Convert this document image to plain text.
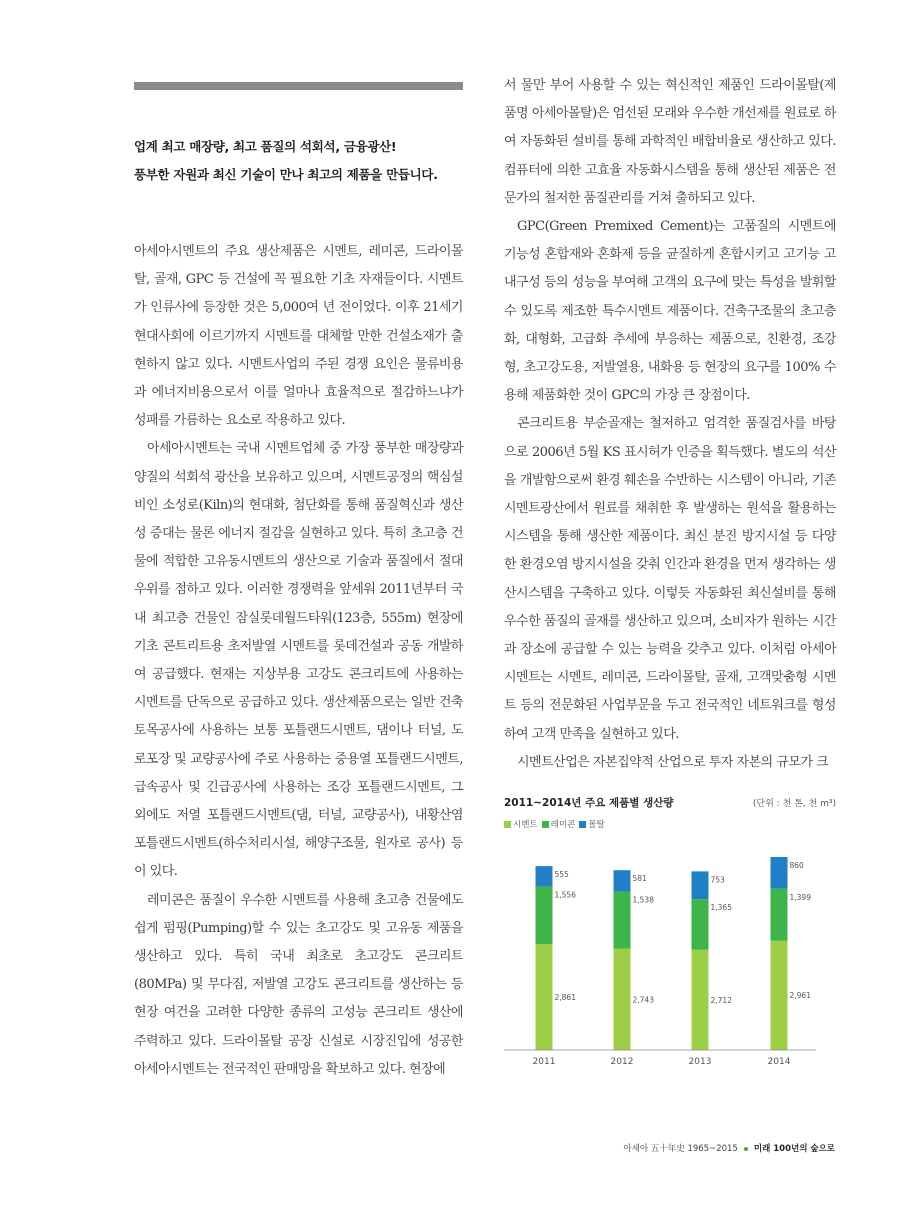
업계 최고 매장량, 최고 품질의 석회석, 금융광산!
풍부한 자원과 최신 기술이 만나 최고의 제품을 만듭니다.

아세아시멘트의 주요 생산제품은 시멘트, 레미콘, 드라이몰탈, 골재, GPC 등 건설에 꼭 필요한 기초 자재들이다. 시멘트가 인류사에 등장한 것은 5,000여 년 전이었다. 이후 21세기 현대사회에 이르기까지 시멘트를 대체할 만한 건설소재가 출현하지 않고 있다. 시멘트사업의 주된 경쟁 요인은 물류비용과 에너지비용으로서 이를 얼마나 효율적으로 절감하느냐가 성패를 가름하는 요소로 작용하고 있다.

아세아시멘트는 국내 시멘트업체 중 가장 풍부한 매장량과 양질의 석회석 광산을 보유하고 있으며, 시멘트공정의 핵심설비인 소성로(Kiln)의 현대화, 첨단화를 통해 품질혁신과 생산성 증대는 물론 에너지 절감을 실현하고 있다. 특히 초고층 건물에 적합한 고유동시멘트의 생산으로 기술과 품질에서 절대 우위를 점하고 있다. 이러한 경쟁력을 앞세워 2011년부터 국내 최고층 건물인 잠실롯데월드타워(123층, 555m) 현장에 기초 콘트리트용 초저발열 시멘트를 롯데건설과 공동 개발하여 공급했다. 현재는 지상부용 고강도 콘크리트에 사용하는 시멘트를 단독으로 공급하고 있다. 생산제품으로는 일반 건축토목공사에 사용하는 보통 포틀랜드시멘트, 댐이나 터널, 도로포장 및 교량공사에 주로 사용하는 중용열 포틀랜드시멘트, 급속공사 및 긴급공사에 사용하는 조강 포틀랜드시멘트, 그 외에도 저열 포틀랜드시멘트(댐, 터널, 교량공사), 내황산염 포틀랜드시멘트(하수처리시설, 해양구조물, 원자로 공사) 등이 있다.

레미콘은 품질이 우수한 시멘트를 사용해 초고층 건물에도 쉽게 펌핑(Pumping)할 수 있는 초고강도 및 고유동 제품을 생산하고 있다. 특히 국내 최초로 초고강도 콘크리트(80MPa) 및 무다짐, 저발열 고강도 콘크리트를 생산하는 등 현장 여건을 고려한 다양한 종류의 고성능 콘크리트 생산에 주력하고 있다. 드라이몰탈 공장 신설로 시장진입에 성공한 아세아시멘트는 전국적인 판매망을 확보하고 있다. 현장에

서 물만 부어 사용할 수 있는 혁신적인 제품인 드라이몰탈(제품명 아세아몰탈)은 엄선된 모래와 우수한 개선제를 원료로 하여 자동화된 설비를 통해 과학적인 배합비율로 생산하고 있다. 컴퓨터에 의한 고효율 자동화시스템을 통해 생산된 제품은 전문가의 철저한 품질관리를 거쳐 출하되고 있다.

GPC(Green Premixed Cement)는 고품질의 시멘트에 기능성 혼합재와 혼화제 등을 균질하게 혼합시키고 고기능 고내구성 등의 성능을 부여해 고객의 요구에 맞는 특성을 발휘할 수 있도록 제조한 특수시멘트 제품이다. 건축구조물의 초고층화, 대형화, 고급화 추세에 부응하는 제품으로, 친환경, 조강형, 초고강도용, 저발열용, 내화용 등 현장의 요구를 100% 수용해 제품화한 것이 GPC의 가장 큰 장점이다.

콘크리트용 부순골재는 철저하고 엄격한 품질검사를 바탕으로 2006년 5월 KS 표시허가 인증을 획득했다. 별도의 석산을 개발함으로써 환경 훼손을 수반하는 시스템이 아니라, 기존 시멘트광산에서 원료를 채취한 후 발생하는 원석을 활용하는 시스템을 통해 생산한 제품이다. 최신 분진 방지시설 등 다양한 환경오염 방지시설을 갖춰 인간과 환경을 먼저 생각하는 생산시스템을 구축하고 있다. 이렇듯 자동화된 최신설비를 통해 우수한 품질의 골재를 생산하고 있으며, 소비자가 원하는 시간과 장소에 공급할 수 있는 능력을 갖추고 있다. 이처럼 아세아시멘트는 시멘트, 레미콘, 드라이몰탈, 골재, 고객맞춤형 시멘트 등의 전문화된 사업부문을 두고 전국적인 네트워크를 형성하여 고객 만족을 실현하고 있다.

시멘트산업은 자본집약적 산업으로 투자 자본의 규모가 크

2011~2014년 주요 제품별 생산량	(단위 : 천 톤, 천 m³)
시멘트 레미콘 몰탈
2,861
1,556
555
2011
2,743
1,538
581
2012
2,712
1,365
753
2013
2,961
1,399
860
2014
아세아 五十年史 1965~2015 미래 100년의 숲으로
